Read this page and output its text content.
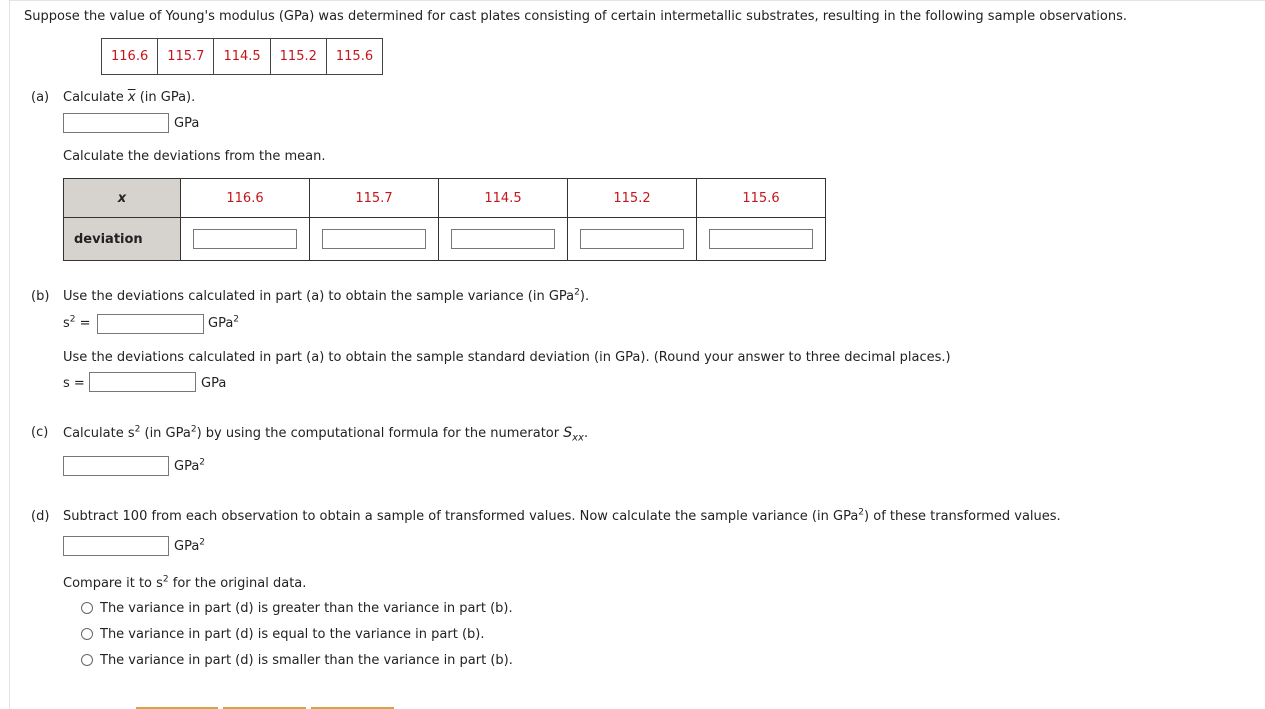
Suppose the value of Young's modulus (GPa) was determined for cast plates consisting of certain intermetallic substrates, resulting in the following sample observations.
116.6	115.7	114.5	115.2	115.6
(a) Calculate $\overline{x}$ (in GPa).
GPa
Calculate the deviations from the mean.
x	116.6	115.7	114.5	115.2	115.6
deviation	

(b) Use the deviations calculated in part (a) to obtain the sample variance (in GPa$^2$).
$s^2$ =	GPa$^2$
Use the deviations calculated in part (a) to obtain the sample standard deviation (in GPa). (Round your answer to three decimal places.)
s =	GPa
(c) Calculate $s^2$ (in GPa$^2$) by using the computational formula for the numerator $S_{xx}$.
GPa$^2$
(d) Subtract 100 from each observation to obtain a sample of transformed values. Now calculate the sample variance (in GPa$^2$) of these transformed values.
GPa$^2$
Compare it to $s^2$ for the original data.
The variance in part (d) is greater than the variance in part (b).
The variance in part (d) is equal to the variance in part (b).
The variance in part (d) is smaller than the variance in part (b).
